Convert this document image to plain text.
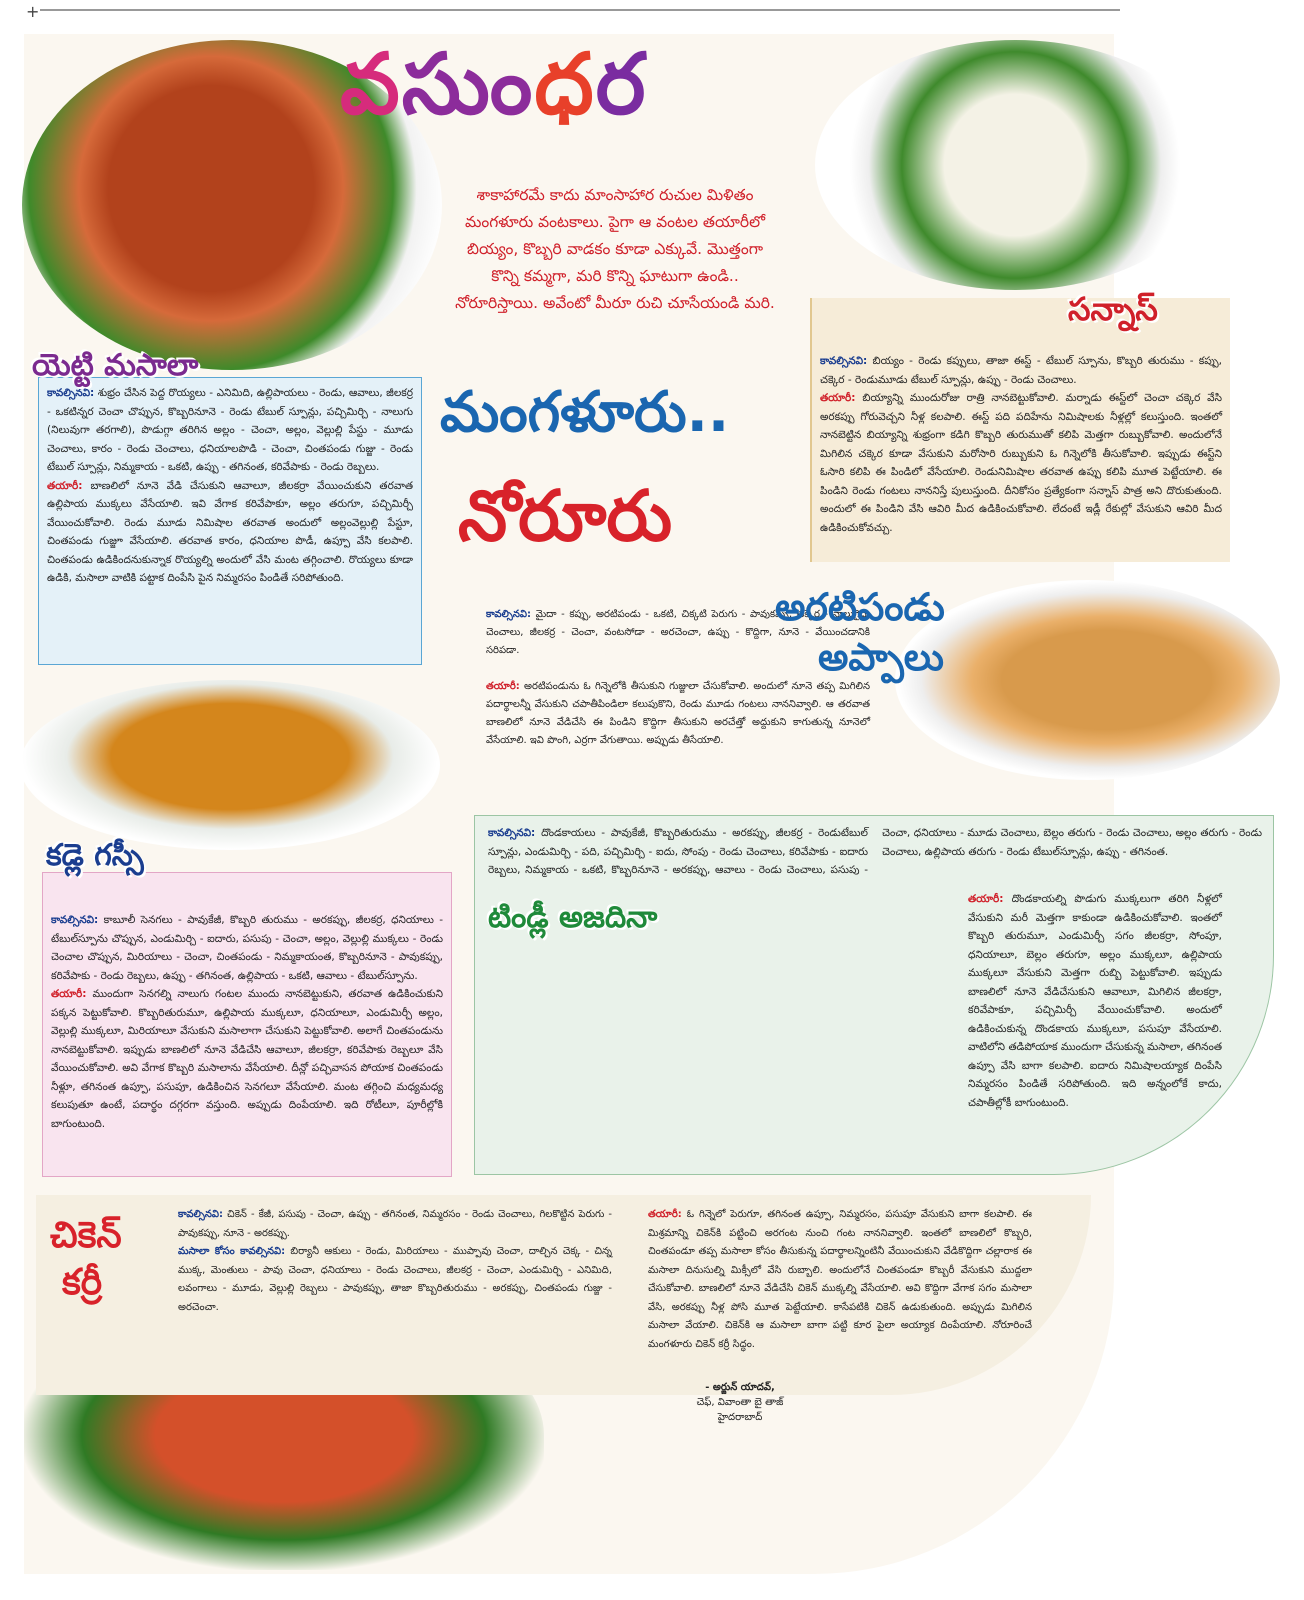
+
వసుంధర
శాకాహారమే కాదు మాంసాహార రుచుల మిళితం మంగళూరు వంటకాలు. పైగా ఆ వంటల తయారీలో బియ్యం, కొబ్బరి వాడకం కూడా ఎక్కువే. మొత్తంగా కొన్ని కమ్మగా, మరి కొన్ని ఘాటుగా ఉండి.. నోరూరిస్తాయి. అవేంటో మీరూ రుచి చూసేయండి మరి.
మంగళూరు..
నోరూరు
యెట్టి మసాలా
కావల్సినవి: శుభ్రం చేసిన పెద్ద రొయ్యలు - ఎనిమిది, ఉల్లిపాయలు - రెండు, ఆవాలు, జీలకర్ర - ఒకటిన్నర చెంచా చొప్పున, కొబ్బరినూనె - రెండు టేబుల్ స్పూన్లు, పచ్చిమిర్చి - నాలుగు (నిలువుగా తరగాలి), పొడుగ్గా తరిగిన అల్లం - చెంచా, అల్లం, వెల్లుల్లి పేస్టు - మూడు చెంచాలు, కారం - రెండు చెంచాలు, ధనియాలపొడి - చెంచా, చింతపండు గుజ్జు - రెండు టేబుల్ స్పూన్లు, నిమ్మకాయ - ఒకటి, ఉప్పు - తగినంత, కరివేపాకు - రెండు రెబ్బలు.
తయారీ: బాణలిలో నూనె వేడి చేసుకుని ఆవాలూ, జీలకర్రా వేయించుకుని తరవాత ఉల్లిపాయ ముక్కలు వేసేయాలి. ఇవి వేగాక కరివేపాకూ, అల్లం తరుగూ, పచ్చిమిర్చీ వేయించుకోవాలి. రెండు మూడు నిమిషాల తరవాత అందులో అల్లంవెల్లుల్లి పేస్టూ, చింతపండు గుజ్జూ వేసేయాలి. తరవాత కారం, ధనియాల పొడీ, ఉప్పూ వేసి కలపాలి. చింతపండు ఉడికిందనుకున్నాక రొయ్యల్ని అందులో వేసి మంట తగ్గించాలి. రొయ్యలు కూడా ఉడికి, మసాలా వాటికి పట్టాక దింపేసి పైన నిమ్మరసం పిండితే సరిపోతుంది.
కావల్సినవి: బియ్యం - రెండు కప్పులు, తాజా ఈస్ట్ - టేబుల్ స్పూను, కొబ్బరి తురుము - కప్పు, చక్కెర - రెండుమూడు టేబుల్ స్పూన్లు, ఉప్పు - రెండు చెంచాలు.
తయారీ: బియ్యాన్ని ముందురోజు రాత్రి నానబెట్టుకోవాలి. మర్నాడు ఈస్ట్‌లో చెంచా చక్కెర వేసి అరకప్పు గోరువెచ్చని నీళ్ల కలపాలి. ఈస్ట్ పది పదిహేను నిమిషాలకు నీళ్లల్లో కలుస్తుంది. ఇంతలో నానబెట్టిన బియ్యాన్ని శుభ్రంగా కడిగి కొబ్బరి తురుముతో కలిపి మెత్తగా రుబ్బుకోవాలి. అందులోనే మిగిలిన చక్కెర కూడా వేసుకుని మరోసారి రుబ్బుకుని ఓ గిన్నెలోకి తీసుకోవాలి. ఇప్పుడు ఈస్ట్‌ని ఓసారి కలిపి ఈ పిండిలో వేసేయాలి. రెండునిమిషాల తరవాత ఉప్పు కలిపి మూత పెట్టేయాలి. ఈ పిండిని రెండు గంటలు నాననిస్తే పులుస్తుంది. దీనికోసం ప్రత్యేకంగా సన్నాస్ పాత్ర అని దొరుకుతుంది. అందులో ఈ పిండిని వేసి ఆవిరి మీద ఉడికించుకోవాలి. లేదంటే ఇడ్లీ రేకుల్లో వేసుకుని ఆవిరి మీద ఉడికించుకోవచ్చు.
సన్నాస్
అరటిపండు
అప్పాలు
కావల్సినవి: మైదా - కప్పు, అరటిపండు - ఒకటి, చిక్కటి పెరుగు - పావుకప్పు, చక్కెర - నాలుగైదు చెంచాలు, జీలకర్ర - చెంచా, వంటసోడా - అరచెంచా, ఉప్పు - కొద్దిగా, నూనె - వేయించడానికి సరిపడా.

తయారీ: అరటిపండును ఓ గిన్నెలోకి తీసుకుని గుజ్జులా చేసుకోవాలి. అందులో నూనె తప్ప మిగిలిన పదార్థాలన్నీ వేసుకుని చపాతీపిండిలా కలుపుకొని, రెండు మూడు గంటలు నాననివ్వాలి. ఆ తరవాత బాణలిలో నూనె వేడిచేసి ఈ పిండిని కొద్దిగా తీసుకుని అరచేత్తో అద్దుకుని కాగుతున్న నూనెలో వేసేయాలి. ఇవి పొంగి, ఎర్రగా వేగుతాయి. అప్పుడు తీసేయాలి.
కావల్సినవి: కాబూలీ సెనగలు - పావుకేజీ, కొబ్బరి తురుము - అరకప్పు, జీలకర్ర, ధనియాలు - టేబుల్‌స్పూను చొప్పున, ఎండుమిర్చి - ఐదారు, పసుపు - చెంచా, అల్లం, వెల్లుల్లి ముక్కలు - రెండు చెంచాల చొప్పున, మిరియాలు - చెంచా, చింతపండు - నిమ్మకాయంత, కొబ్బరినూనె - పావుకప్పు, కరివేపాకు - రెండు రెబ్బలు, ఉప్పు - తగినంత, ఉల్లిపాయ - ఒకటి, ఆవాలు - టేబుల్‌స్పూను.
తయారీ: ముందుగా సెనగల్ని నాలుగు గంటల ముందు నానబెట్టుకుని, తరవాత ఉడికించుకుని పక్కన పెట్టుకోవాలి. కొబ్బరితురుమూ, ఉల్లిపాయ ముక్కలూ, ధనియాలూ, ఎండుమిర్చీ అల్లం, వెల్లుల్లి ముక్కలూ, మిరియాలూ వేసుకుని మసాలాగా చేసుకుని పెట్టుకోవాలి. అలాగే చింతపండును నానబెట్టుకోవాలి. ఇప్పుడు బాణలిలో నూనె వేడిచేసి ఆవాలూ, జీలకర్రా, కరివేపాకు రెబ్బలూ వేసి వేయించుకోవాలి. అవి వేగాక కొబ్బరి మసాలాను వేసేయాలి. దీన్లో పచ్చివాసన పోయాక చింతపండు నీళ్లూ, తగినంత ఉప్పూ, పసుపూ, ఉడికించిన సెనగలూ వేసేయాలి. మంట తగ్గించి మధ్యమధ్య కలుపుతూ ఉంటే, పదార్థం దగ్గరగా వస్తుంది. అప్పుడు దింపేయాలి. ఇది రోటీలూ, పూరీల్లోకి బాగుంటుంది.
కడ్లె గస్సీ
కావల్సినవి: దొండకాయలు - పావుకేజీ, కొబ్బరితురుము - అరకప్పు, జీలకర్ర - రెండుటేబుల్ స్పూన్లు, ఎండుమిర్చి - పది, పచ్చిమిర్చి - ఐదు, సోంపు - రెండు చెంచాలు, కరివేపాకు - ఐదారు రెబ్బలు, నిమ్మకాయ - ఒకటి, కొబ్బరినూనె - అరకప్పు, ఆవాలు - రెండు చెంచాలు, పసుపు - చెంచా, ధనియాలు - మూడు చెంచాలు, బెల్లం తరుగు - రెండు చెంచాలు, అల్లం తరుగు - రెండు చెంచాలు, ఉల్లిపాయ తరుగు - రెండు టేబుల్‌స్పూన్లు, ఉప్పు - తగినంత.
టిండ్లీ అజదినా
తయారీ: దొండకాయల్ని పొడుగు ముక్కలుగా తరిగి నీళ్లలో వేసుకుని మరీ మెత్తగా కాకుండా ఉడికించుకోవాలి. ఇంతలో కొబ్బరి తురుమూ, ఎండుమిర్చీ సగం జీలకర్రా, సోంపూ, ధనియాలూ, బెల్లం తరుగూ, అల్లం ముక్కలూ, ఉల్లిపాయ ముక్కలూ వేసుకుని మెత్తగా రుబ్బి పెట్టుకోవాలి. ఇప్పుడు బాణలిలో నూనె వేడిచేసుకుని ఆవాలూ, మిగిలిన జీలకర్రా, కరివేపాకూ, పచ్చిమిర్చీ వేయించుకోవాలి. అందులో ఉడికించుకున్న దొండకాయ ముక్కలూ, పసుపూ వేసేయాలి. వాటిలోని తడిపోయాక ముందుగా చేసుకున్న మసాలా, తగినంత ఉప్పూ వేసి బాగా కలపాలి. ఐదారు నిమిషాలయ్యాక దింపేసి నిమ్మరసం పిండితే సరిపోతుంది. ఇది అన్నంలోకే కాదు, చపాతీల్లోకీ బాగుంటుంది.
చికెన్
కర్రీ
కావల్సినవి: చికెన్ - కేజీ, పసుపు - చెంచా, ఉప్పు - తగినంత, నిమ్మరసం - రెండు చెంచాలు, గిలకొట్టిన పెరుగు - పావుకప్పు, నూనె - అరకప్పు.
మసాలా కోసం కావల్సినవి: బిర్యానీ ఆకులు - రెండు, మిరియాలు - ముప్పావు చెంచా, దాల్చిన చెక్క - చిన్న ముక్క, మెంతులు - పావు చెంచా, ధనియాలు - రెండు చెంచాలు, జీలకర్ర - చెంచా, ఎండుమిర్చి - ఎనిమిది, లవంగాలు - మూడు, వెల్లుల్లి రెబ్బలు - పావుకప్పు, తాజా కొబ్బరితురుము - అరకప్పు, చింతపండు గుజ్జు - అరచెంచా.
తయారీ: ఓ గిన్నెలో పెరుగూ, తగినంత ఉప్పూ, నిమ్మరసం, పసుపూ వేసుకుని బాగా కలపాలి. ఈ మిశ్రమాన్ని చికెన్‌కి పట్టించి అరగంట నుంచి గంట నాననివ్వాలి. ఇంతలో బాణలిలో కొబ్బరి, చింతపండూ తప్ప మసాలా కోసం తీసుకున్న పదార్థాలన్నింటినీ వేయించుకుని వేడికొద్దిగా చల్లారాక ఈ మసాలా దినుసుల్ని మిక్సీలో వేసి రుబ్బాలి. అందులోనే చింతపండూ కొబ్బరీ వేసుకుని ముద్దలా చేసుకోవాలి. బాణలిలో నూనె వేడిచేసి చికెన్ ముక్కల్ని వేసేయాలి. అవి కొద్దిగా వేగాక సగం మసాలా వేసి, అరకప్పు నీళ్ల పోసి మూత పెట్టేయాలి. కాసేపటికి చికెన్ ఉడుకుతుంది. అప్పుడు మిగిలిన మసాలా వేయాలి. చికెన్‌కి ఆ మసాలా బాగా పట్టి కూర పైలా అయ్యాక దింపేయాలి. నోరూరించే మంగళూరు చికెన్ కర్రీ సిద్ధం.
- అర్జున్ యాదవ్,
చెఫ్, వివాంతా బై తాజ్
హైదరాబాద్
